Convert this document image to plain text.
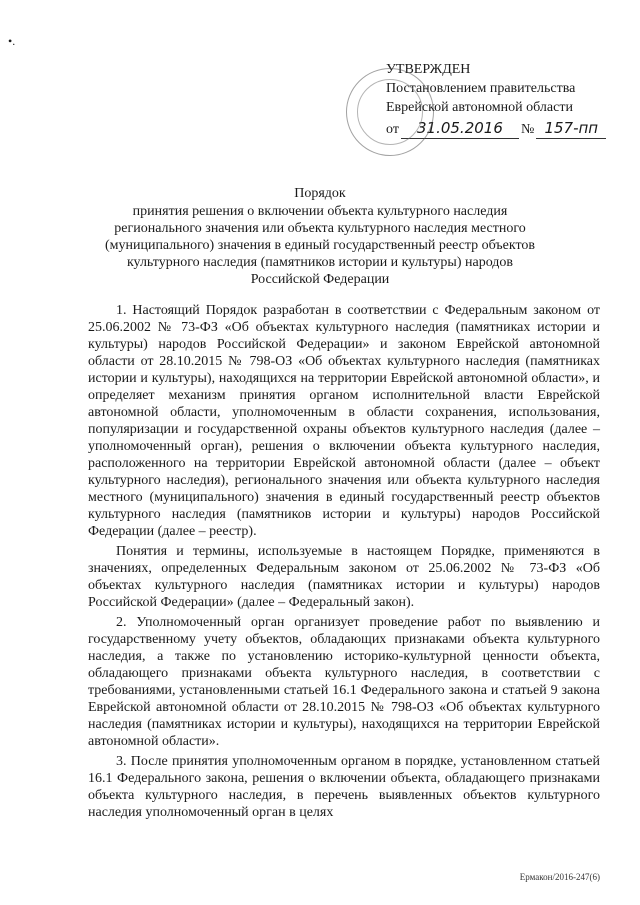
•.
УТВЕРЖДЕН
Постановлением правительства
Еврейской автономной области
от	31.05.2016	№ 157-пп
Порядок
принятия решения о включении объекта культурного наследия
регионального значения или объекта культурного наследия местного
(муниципального) значения в единый государственный реестр объектов
культурного наследия (памятников истории и культуры) народов
Российской Федерации

1. Настоящий Порядок разработан в соответствии с Федеральным законом от 25.06.2002 № 73-ФЗ «Об объектах культурного наследия (памятниках истории и культуры) народов Российской Федерации» и законом Еврейской автономной области от 28.10.2015 № 798-ОЗ «Об объектах культурного наследия (памятниках истории и культуры), находящихся на территории Еврейской автономной области», и определяет механизм принятия органом исполнительной власти Еврейской автономной области, уполномоченным в области сохранения, использования, популяризации и государственной охраны объектов культурного наследия (далее – уполномоченный орган), решения о включении объекта культурного наследия, расположенного на территории Еврейской автономной области (далее – объект культурного наследия), регионального значения или объекта культурного наследия местного (муниципального) значения в единый государственный реестр объектов культурного наследия (памятников истории и культуры) народов Российской Федерации (далее – реестр).

Понятия и термины, используемые в настоящем Порядке, применяются в значениях, определенных Федеральным законом от 25.06.2002 № 73-ФЗ «Об объектах культурного наследия (памятниках истории и культуры) народов Российской Федерации» (далее – Федеральный закон).

2. Уполномоченный орган организует проведение работ по выявлению и государственному учету объектов, обладающих признаками объекта культурного наследия, а также по установлению историко-культурной ценности объекта, обладающего признаками объекта культурного наследия, в соответствии с требованиями, установленными статьей 16.1 Федерального закона и статьей 9 закона Еврейской автономной области от 28.10.2015 № 798-ОЗ «Об объектах культурного наследия (памятниках истории и культуры), находящихся на территории Еврейской автономной области».

3. После принятия уполномоченным органом в порядке, установленном статьей 16.1 Федерального закона, решения о включении объекта, обладающего признаками объекта культурного наследия, в перечень выявленных объектов культурного наследия уполномоченный орган в целях

Ермакон/2016-247(6)
